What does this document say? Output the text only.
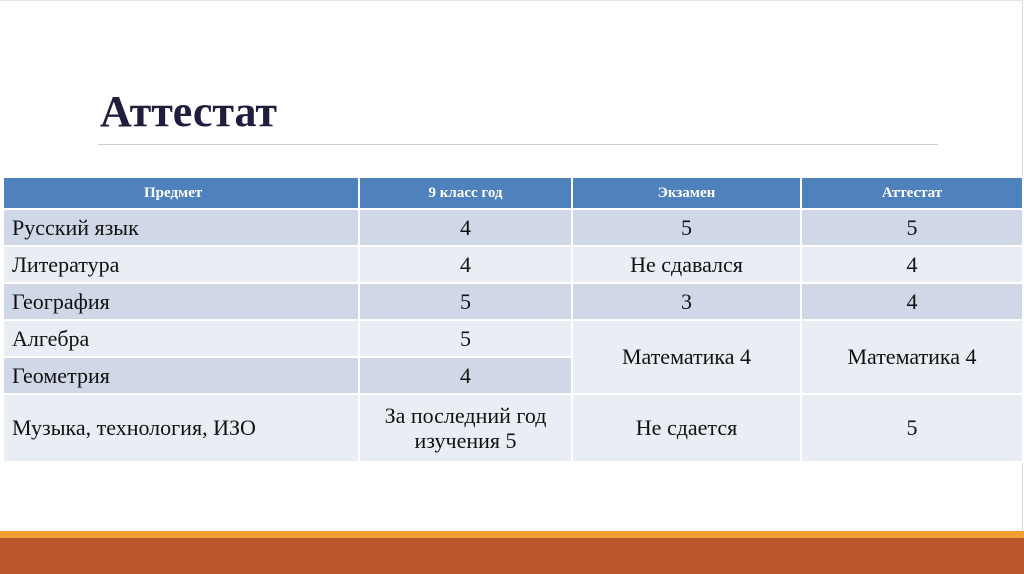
Аттестат
Предмет	9 класс год	Экзамен	Аттестат
Русский язык	4	5	5
Литература	4	Не сдавался	4
География	5	3	4
Алгебра	5	Математика 4	Математика 4
Геометрия	4		
Музыка, технология, ИЗО	За последний год изучения 5	Не сдается	5
